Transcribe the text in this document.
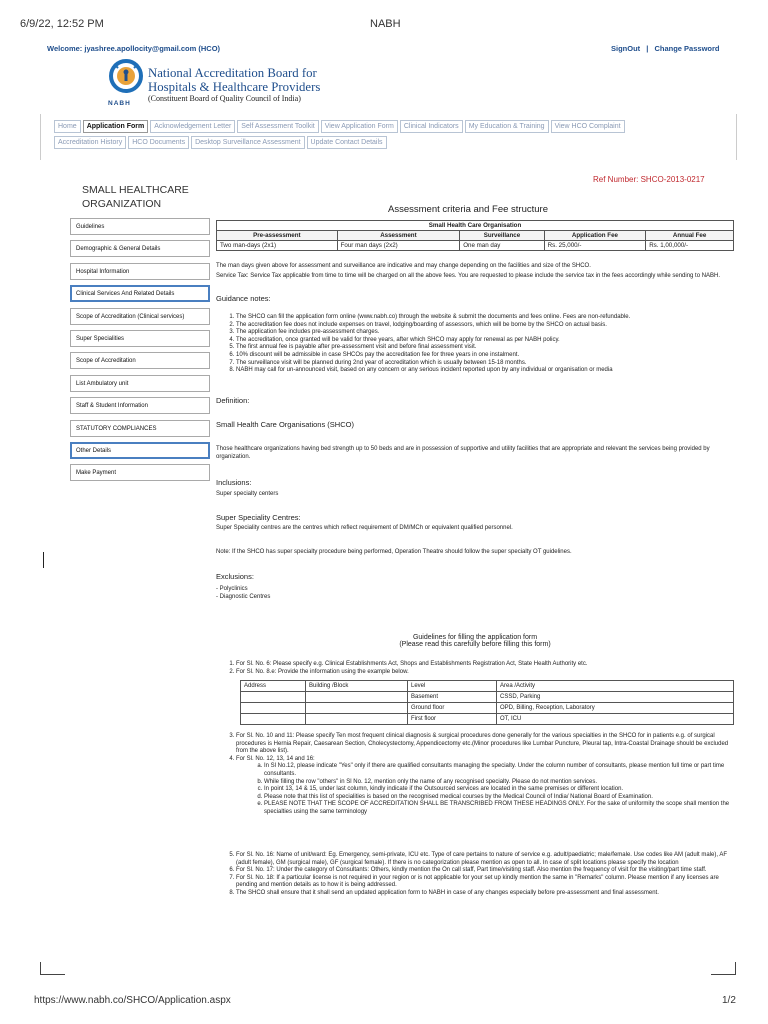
6/9/22, 12:52 PM	NABH
Welcome: jyashree.apollocity@gmail.com (HCO)	SignOut | Change Password
NABH
National Accreditation Board for
Hospitals & Healthcare Providers
(Constituent Board of Quality Council of India)
Home	Application Form	Acknowledgement Letter	Self Assessment Toolkit	View Application Form	Clinical Indicators	My Education & Training	View HCO Complaint
Accreditation History	HCO Documents	Desktop Surveillance Assessment	Update Contact Details
Ref Number: SHCO-2013-0217
SMALL HEALTHCARE ORGANIZATION
Guidelines
Demographic & General Details
Hospital Information
Clinical Services And Related Details
Scope of Accreditation (Clinical services)
Super Specialities
Scope of Accreditation
List Ambulatory unit
Staff & Student Information
STATUTORY COMPLIANCES
Other Details
Make Payment
Assessment criteria and Fee structure
Small Health Care Organisation				
Pre-assessment	Assessment	Surveillance	Application Fee	Annual Fee
Two man-days (2x1)	Four man days (2x2)	One man day	Rs. 25,000/-	Rs. 1,00,000/-
The man days given above for assessment and surveillance are indicative and may change depending on the facilities and size of the SHCO.
Service Tax: Service Tax applicable from time to time will be charged on all the above fees. You are requested to please include the service tax in the fees accordingly while sending to NABH.
Guidance notes:
1. The SHCO can fill the application form online (www.nabh.co) through the website & submit the documents and fees online. Fees are non-refundable.
2. The accreditation fee does not include expenses on travel, lodging/boarding of assessors, which will be borne by the SHCO on actual basis.
3. The application fee includes pre-assessment charges.
4. The accreditation, once granted will be valid for three years, after which SHCO may apply for renewal as per NABH policy.
5. The first annual fee is payable after pre-assessment visit and before final assessment visit.
6. 10% discount will be admissible in case SHCOs pay the accreditation fee for three years in one instalment.
7. The surveillance visit will be planned during 2nd year of accreditation which is usually between 15-18 months.
8. NABH may call for un-announced visit, based on any concern or any serious incident reported upon by any individual or organisation or media
Definition:
Small Health Care Organisations (SHCO)
Those healthcare organizations having bed strength up to 50 beds and are in possession of supportive and utility facilities that are appropriate and relevant the services being provided by organization.
Inclusions:
Super specialty centers
Super Speciality Centres:
Super Speciality centres are the centres which reflect requirement of DM/MCh or equivalent qualified personnel.
Note: If the SHCO has super specialty procedure being performed, Operation Theatre should follow the super specialty OT guidelines.
Exclusions:
- Polyclinics
- Diagnostic Centres
Guidelines for filling the application form
(Please read this carefully before filling this form)
1. For Sl. No. 6: Please specify e.g. Clinical Establishments Act, Shops and Establishments Registration Act, State Health Authority etc.
2. For Sl. No. 8.e: Provide the information using the example below.
Address	Building /Block	Level	Area /Activity
		Basement	CSSD, Parking
		Ground floor	OPD, Billing, Reception, Laboratory
		First floor	OT, ICU
3. For Sl. No. 10 and 11: Please specify Ten most frequent clinical diagnosis & surgical procedures done generally for the various specialties in the SHCO for in patients e.g. of surgical procedures is Hernia Repair, Caesarean Section, Cholecystectomy, Appendicectomy etc.(Minor procedures like Lumbar Puncture, Pleural tap, Intra-Coastal Drainage should be excluded from the above list).
4. For Sl. No. 12, 13, 14 and 16:
a. In Sl No.12, please indicate "Yes" only if there are qualified consultants managing the specialty. Under the column number of consultants, please mention full time or part time consultants.
b. While filling the row "others" in Sl No. 12, mention only the name of any recognised specialty. Please do not mention services.
c. In point 13, 14 & 15, under last column, kindly indicate if the Outsourced services are located in the same premises or different location.
d. Please note that this list of specialities is based on the recognised medical courses by the Medical Council of India/ National Board of Examination.
e. PLEASE NOTE THAT THE SCOPE OF ACCREDITATION SHALL BE TRANSCRIBED FROM THESE HEADINGS ONLY. For the sake of uniformity the scope shall mention the specialties using the same terminology
5. For Sl. No. 16: Name of unit/ward: Eg. Emergency, semi-private, ICU etc. Type of care pertains to nature of service e.g. adult/paediatric; male/female. Use codes like AM (adult male), AF (adult female), GM (surgical male), GF (surgical female). If there is no categorization please mention as open to all. In case of split locations please specify the location
6. For Sl. No. 17: Under the category of Consultants: Others, kindly mention the On call staff, Part time/visiting staff. Also mention the frequency of visit for the visiting/part time staff.
7. For Sl. No. 18: If a particular license is not required in your region or is not applicable for your set up kindly mention the same in "Remarks" column. Please mention if any licenses are pending and mention details as to how it is being addressed.
8. The SHCO shall ensure that it shall send an updated application form to NABH in case of any changes especially before pre-assessment and final assessment.
https://www.nabh.co/SHCO/Application.aspx	1/2
